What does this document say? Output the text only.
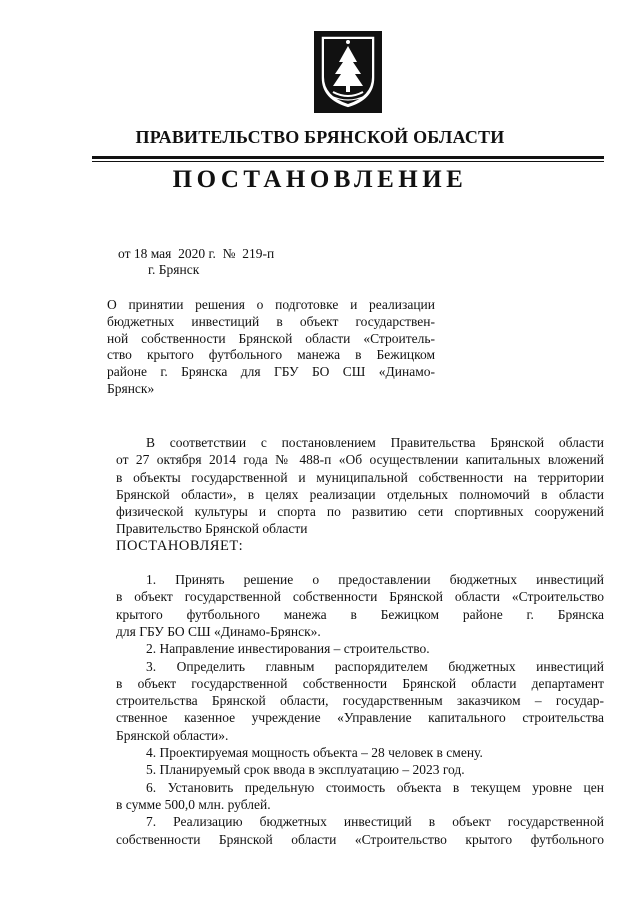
ПРАВИТЕЛЬСТВО БРЯНСКОЙ ОБЛАСТИ
ПОСТАНОВЛЕНИЕ
от 18 мая  2020 г.  №  219-п
г. Брянск
О принятии решения о подготовке и реализации
бюджетных инвестиций в объект государствен-
ной собственности Брянской области «Строитель-
ство крытого футбольного манежа в Бежицком
районе г. Брянска для ГБУ БО СШ «Динамо-
Брянск»
В соответствии с постановлением Правительства Брянской области
от 27 октября 2014 года № 488-п «Об осуществлении капитальных вложений
в объекты государственной и муниципальной собственности на территории
Брянской области», в целях реализации отдельных полномочий в области
физической культуры и спорта по развитию сети спортивных сооружений
Правительство Брянской области
ПОСТАНОВЛЯЕТ:
1. Принять решение о предоставлении бюджетных инвестиций
в объект государственной собственности Брянской области «Строительство
крытого футбольного манежа в Бежицком районе г. Брянска
для ГБУ БО СШ «Динамо-Брянск».
2. Направление инвестирования – строительство.
3. Определить главным распорядителем бюджетных инвестиций
в объект государственной собственности Брянской области департамент
строительства Брянской области, государственным заказчиком – государ-
ственное казенное учреждение «Управление капитального строительства
Брянской области».
4. Проектируемая мощность объекта – 28 человек в смену.
5. Планируемый срок ввода в эксплуатацию – 2023 год.
6. Установить предельную стоимость объекта в текущем уровне цен
в сумме 500,0 млн. рублей.
7. Реализацию бюджетных инвестиций в объект государственной
собственности Брянской области «Строительство крытого футбольного
